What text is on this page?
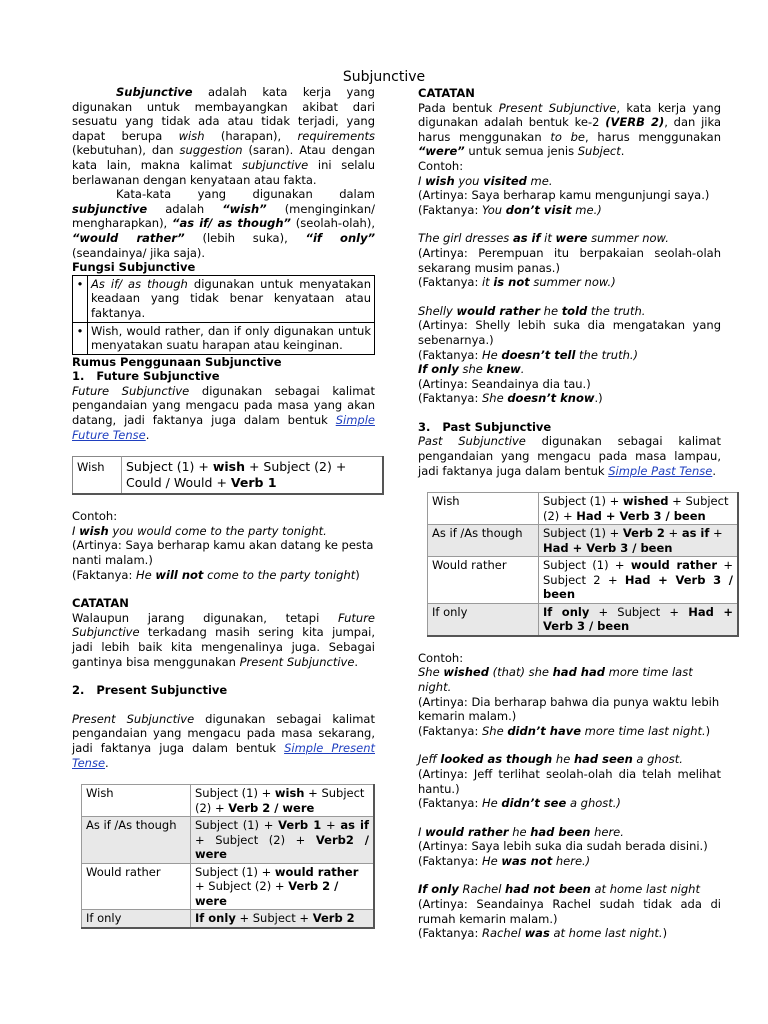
Subjunctive

Subjunctive adalah kata kerja yang digunakan untuk membayangkan akibat dari sesuatu yang tidak ada atau tidak terjadi, yang dapat berupa wish (harapan), requirements (kebutuhan), dan suggestion (saran). Atau dengan kata lain, makna kalimat subjunctive ini selalu berlawanan dengan kenyataan atau fakta.

Kata-kata yang digunakan dalam subjunctive adalah “wish” (menginginkan/ mengharapkan), “as if/ as though” (seolah-olah), “would rather” (lebih suka), “if only” (seandainya/ jika saja).

Fungsi Subjunctive

•	As if/ as though digunakan untuk menyatakan keadaan yang tidak benar kenyataan atau faktanya.
•	Wish, would rather, dan if only digunakan untuk menyatakan suatu harapan atau keinginan.

Rumus Penggunaan Subjunctive

1.   Future Subjunctive

Future Subjunctive digunakan sebagai kalimat pengandaian yang mengacu pada masa yang akan datang, jadi faktanya juga dalam bentuk Simple Future Tense.

Wish	Subject (1) + wish + Subject (2) + Could / Would + Verb 1

Contoh:

I wish you would come to the party tonight.

(Artinya: Saya berharap kamu akan datang ke pesta nanti malam.)

(Faktanya: He will not come to the party tonight)

CATATAN

Walaupun jarang digunakan, tetapi Future Subjunctive terkadang masih sering kita jumpai, jadi lebih baik kita mengenalinya juga. Sebagai gantinya bisa menggunakan Present Subjunctive.

2.   Present Subjunctive

Present Subjunctive digunakan sebagai kalimat pengandaian yang mengacu pada masa sekarang, jadi faktanya juga dalam bentuk Simple Present Tense.

Wish	Subject (1) + wish + Subject (2) + Verb 2 / were
As if /As though	Subject (1) + Verb 1 + as if + Subject (2) + Verb2 / were
Would rather	Subject (1) + would rather + Subject (2) + Verb 2 / were
If only	If only + Subject + Verb 2

CATATAN

Pada bentuk Present Subjunctive, kata kerja yang digunakan adalah bentuk ke-2 (VERB 2), dan jika harus menggunakan to be, harus menggunakan “were” untuk semua jenis Subject.

Contoh:

I wish you visited me.

(Artinya: Saya berharap kamu mengunjungi saya.)

(Faktanya: You don’t visit me.)

The girl dresses as if it were summer now.

(Artinya: Perempuan itu berpakaian seolah-olah sekarang musim panas.)

(Faktanya: it is not summer now.)

Shelly would rather he told the truth.

(Artinya: Shelly lebih suka dia mengatakan yang sebenarnya.)

(Faktanya: He doesn’t tell the truth.)

If only she knew.

(Artinya: Seandainya dia tau.)

(Faktanya: She doesn’t know.)

3.   Past Subjunctive

Past Subjunctive digunakan sebagai kalimat pengandaian yang mengacu pada masa lampau, jadi faktanya juga dalam bentuk Simple Past Tense.

Wish	Subject (1) + wished + Subject (2) + Had + Verb 3 / been
As if /As though	Subject (1) + Verb 2 + as if + Had + Verb 3 / been
Would rather	Subject (1) + would rather + Subject 2 + Had + Verb 3 / been
If only	If only + Subject + Had + Verb 3 / been

Contoh:

She wished (that) she had had more time last night.

(Artinya: Dia berharap bahwa dia punya waktu lebih kemarin malam.)

(Faktanya: She didn’t have more time last night.)

Jeff looked as though he had seen a ghost.

(Artinya: Jeff terlihat seolah-olah dia telah melihat hantu.)

(Faktanya: He didn’t see a ghost.)

I would rather he had been here.

(Artinya: Saya lebih suka dia sudah berada disini.)

(Faktanya: He was not here.)

If only Rachel had not been at home last night

(Artinya: Seandainya Rachel sudah tidak ada di rumah kemarin malam.)

(Faktanya: Rachel was at home last night.)
